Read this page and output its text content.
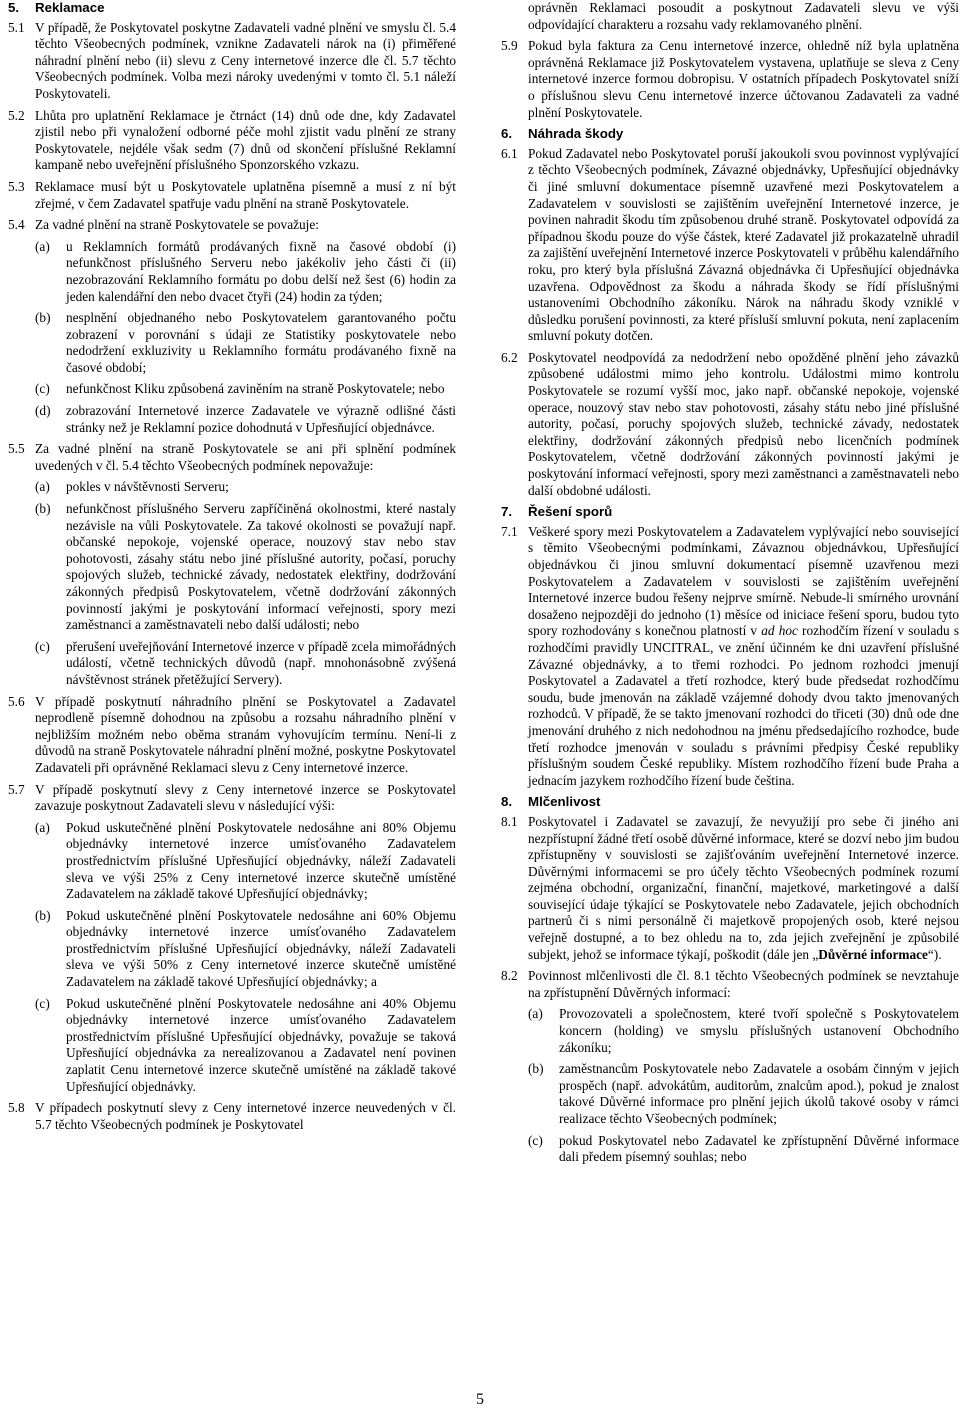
5.	Reklamace
5.1 V případě, že Poskytovatel poskytne Zadavateli vadné plnění ve smyslu čl. 5.4 těchto Všeobecných podmínek, vznikne Zadavateli nárok na (i) přiměřené náhradní plnění nebo (ii) slevu z Ceny internetové inzerce dle čl. 5.7 těchto Všeobecných podmínek. Volba mezi nároky uvedenými v tomto čl. 5.1 náleží Poskytovateli.
5.2 Lhůta pro uplatnění Reklamace je čtrnáct (14) dnů ode dne, kdy Zadavatel zjistil nebo při vynaložení odborné péče mohl zjistit vadu plnění ze strany Poskytovatele, nejdéle však sedm (7) dnů od skončení příslušné Reklamní kampaně nebo uveřejnění příslušného Sponzorského vzkazu.
5.3 Reklamace musí být u Poskytovatele uplatněna písemně a musí z ní být zřejmé, v čem Zadavatel spatřuje vadu plnění na straně Poskytovatele.
5.4 Za vadné plnění na straně Poskytovatele se považuje:
(a)	u Reklamních formátů prodávaných fixně na časové období (i) nefunkčnost příslušného Serveru nebo jakékoliv jeho části či (ii) nezobrazování Reklamního formátu po dobu delší než šest (6) hodin za jeden kalendářní den nebo dvacet čtyři (24) hodin za týden;
(b)	nesplnění objednaného nebo Poskytovatelem garantovaného počtu zobrazení v porovnání s údaji ze Statistiky poskytovatele nebo nedodržení exkluzivity u Reklamního formátu prodávaného fixně na časové období;
(c)	nefunkčnost Kliku způsobená zaviněním na straně Poskytovatele; nebo
(d)	zobrazování Internetové inzerce Zadavatele ve výrazně odlišné části stránky než je Reklamní pozice dohodnutá v Upřesňující objednávce.
5.5 Za vadné plnění na straně Poskytovatele se ani při splnění podmínek uvedených v čl. 5.4 těchto Všeobecných podmínek nepovažuje:
(a)	pokles v návštěvnosti Serveru;
(b)	nefunkčnost příslušného Serveru zapříčiněná okolnostmi, které nastaly nezávisle na vůli Poskytovatele. Za takové okolnosti se považují např. občanské nepokoje, vojenské operace, nouzový stav nebo stav pohotovosti, zásahy státu nebo jiné příslušné autority, počasí, poruchy spojových služeb, technické závady, nedostatek elektřiny, dodržování zákonných předpisů Poskytovatelem, včetně dodržování zákonných povinností jakými je poskytování informací veřejnosti, spory mezi zaměstnanci a zaměstnavateli nebo další události; nebo
(c)	přerušení uveřejňování Internetové inzerce v případě zcela mimořádných událostí, včetně technických důvodů (např. mnohonásobně zvýšená návštěvnost stránek přetěžující Servery).
5.6 V případě poskytnutí náhradního plnění se Poskytovatel a Zadavatel neprodleně písemně dohodnou na způsobu a rozsahu náhradního plnění v nejbližším možném nebo oběma stranám vyhovujícím termínu. Není-li z důvodů na straně Poskytovatele náhradní plnění možné, poskytne Poskytovatel Zadavateli při oprávněné Reklamaci slevu z Ceny internetové inzerce.
5.7 V případě poskytnutí slevy z Ceny internetové inzerce se Poskytovatel zavazuje poskytnout Zadavateli slevu v následující výši:
(a)	Pokud uskutečněné plnění Poskytovatele nedosáhne ani 80% Objemu objednávky internetové inzerce umísťovaného Zadavatelem prostřednictvím příslušné Upřesňující objednávky, náleží Zadavateli sleva ve výši 25% z Ceny internetové inzerce skutečně umístěné Zadavatelem na základě takové Upřesňující objednávky;
(b)	Pokud uskutečněné plnění Poskytovatele nedosáhne ani 60% Objemu objednávky internetové inzerce umísťovaného Zadavatelem prostřednictvím příslušné Upřesňující objednávky, náleží Zadavateli sleva ve výši 50% z Ceny internetové inzerce skutečně umístěné Zadavatelem na základě takové Upřesňující objednávky; a
(c)	Pokud uskutečněné plnění Poskytovatele nedosáhne ani 40% Objemu objednávky internetové inzerce umísťovaného Zadavatelem prostřednictvím příslušné Upřesňující objednávky, považuje se taková Upřesňující objednávka za nerealizovanou a Zadavatel není povinen zaplatit Cenu internetové inzerce skutečně umístěné na základě takové Upřesňující objednávky.
5.8 V případech poskytnutí slevy z Ceny internetové inzerce neuvedených v čl. 5.7 těchto Všeobecných podmínek je Poskytovatel
oprávněn Reklamaci posoudit a poskytnout Zadavateli slevu ve výši odpovídající charakteru a rozsahu vady reklamovaného plnění.
5.9 Pokud byla faktura za Cenu internetové inzerce, ohledně níž byla uplatněna oprávněná Reklamace již Poskytovatelem vystavena, uplatňuje se sleva z Ceny internetové inzerce formou dobropisu. V ostatních případech Poskytovatel sníží o příslušnou slevu Cenu internetové inzerce účtovanou Zadavateli za vadné plnění Poskytovatele.
6.	Náhrada škody
6.1 Pokud Zadavatel nebo Poskytovatel poruší jakoukoli svou povinnost vyplývající z těchto Všeobecných podmínek, Závazné objednávky, Upřesňující objednávky či jiné smluvní dokumentace písemně uzavřené mezi Poskytovatelem a Zadavatelem v souvislosti se zajištěním uveřejnění Internetové inzerce, je povinen nahradit škodu tím způsobenou druhé straně. Poskytovatel odpovídá za případnou škodu pouze do výše částek, které Zadavatel již prokazatelně uhradil za zajištění uveřejnění Internetové inzerce Poskytovateli v průběhu kalendářního roku, pro který byla příslušná Závazná objednávka či Upřesňující objednávka uzavřena. Odpovědnost za škodu a náhrada škody se řídí příslušnými ustanoveními Obchodního zákoníku. Nárok na náhradu škody vzniklé v důsledku porušení povinnosti, za které přísluší smluvní pokuta, není zaplacením smluvní pokuty dotčen.
6.2 Poskytovatel neodpovídá za nedodržení nebo opožděné plnění jeho závazků způsobené událostmi mimo jeho kontrolu. Událostmi mimo kontrolu Poskytovatele se rozumí vyšší moc, jako např. občanské nepokoje, vojenské operace, nouzový stav nebo stav pohotovosti, zásahy státu nebo jiné příslušné autority, počasí, poruchy spojových služeb, technické závady, nedostatek elektřiny, dodržování zákonných předpisů nebo licenčních podmínek Poskytovatelem, včetně dodržování zákonných povinností jakými je poskytování informací veřejnosti, spory mezi zaměstnanci a zaměstnavateli nebo další obdobné události.
7.	Řešení sporů
7.1 Veškeré spory mezi Poskytovatelem a Zadavatelem vyplývající nebo související s těmito Všeobecnými podmínkami, Závaznou objednávkou, Upřesňující objednávkou či jinou smluvní dokumentací písemně uzavřenou mezi Poskytovatelem a Zadavatelem v souvislosti se zajištěním uveřejnění Internetové inzerce budou řešeny nejprve smírně. Nebude-li smírného urovnání dosaženo nejpozději do jednoho (1) měsíce od iniciace řešení sporu, budou tyto spory rozhodovány s konečnou platností v ad hoc rozhodčím řízení v souladu s rozhodčími pravidly UNCITRAL, ve znění účinném ke dni uzavření příslušné Závazné objednávky, a to třemi rozhodci. Po jednom rozhodci jmenují Poskytovatel a Zadavatel a třetí rozhodce, který bude předsedat rozhodčímu soudu, bude jmenován na základě vzájemné dohody dvou takto jmenovaných rozhodců. V případě, že se takto jmenovaní rozhodci do třiceti (30) dnů ode dne jmenování druhého z nich nedohodnou na jménu předsedajícího rozhodce, bude třetí rozhodce jmenován v souladu s právními předpisy České republiky příslušným soudem České republiky. Místem rozhodčího řízení bude Praha a jednacím jazykem rozhodčího řízení bude čeština.
8.	Mlčenlivost
8.1 Poskytovatel i Zadavatel se zavazují, že nevyužijí pro sebe či jiného ani nezpřístupní žádné třetí osobě důvěrné informace, které se dozví nebo jim budou zpřístupněny v souvislosti se zajišťováním uveřejnění Internetové inzerce. Důvěrnými informacemi se pro účely těchto Všeobecných podmínek rozumí zejména obchodní, organizační, finanční, majetkové, marketingové a další související údaje týkající se Poskytovatele nebo Zadavatele, jejich obchodních partnerů či s nimi personálně či majetkově propojených osob, které nejsou veřejně dostupné, a to bez ohledu na to, zda jejich zveřejnění je způsobilé subjekt, jehož se informace týkají, poškodit (dále jen „Důvěrné informace“).
8.2 Povinnost mlčenlivosti dle čl. 8.1 těchto Všeobecných podmínek se nevztahuje na zpřístupnění Důvěrných informací:
(a)	Provozovateli a společnostem, které tvoří společně s Poskytovatelem koncern (holding) ve smyslu příslušných ustanovení Obchodního zákoníku;
(b)	zaměstnancům Poskytovatele nebo Zadavatele a osobám činným v jejich prospěch (např. advokátům, auditorům, znalcům apod.), pokud je znalost takové Důvěrné informace pro plnění jejich úkolů takové osoby v rámci realizace těchto Všeobecných podmínek;
(c)	pokud Poskytovatel nebo Zadavatel ke zpřístupnění Důvěrné informace dali předem písemný souhlas; nebo
5
